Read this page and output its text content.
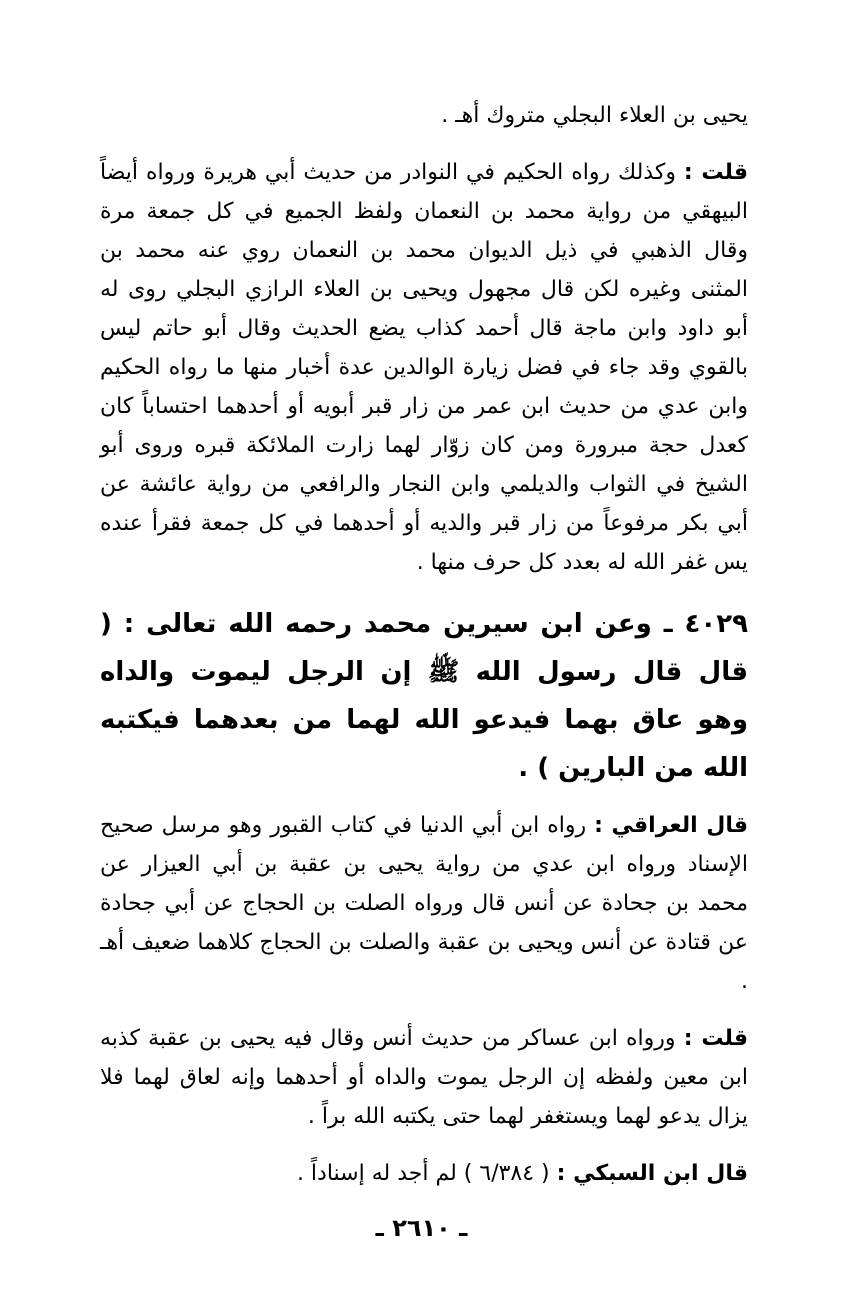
يحيى بن العلاء البجلي متروك أهـ .

قلت : وكذلك رواه الحكيم في النوادر من حديث أبي هريرة ورواه أيضاً البيهقي من رواية محمد بن النعمان ولفظ الجميع في كل جمعة مرة وقال الذهبي في ذيل الديوان محمد بن النعمان روي عنه محمد بن المثنى وغيره لكن قال مجهول ويحيى بن العلاء الرازي البجلي روى له أبو داود وابن ماجة قال أحمد كذاب يضع الحديث وقال أبو حاتم ليس بالقوي وقد جاء في فضل زيارة الوالدين عدة أخبار منها ما رواه الحكيم وابن عدي من حديث ابن عمر من زار قبر أبويه أو أحدهما احتساباً كان كعدل حجة مبرورة ومن كان زوّار لهما زارت الملائكة قبره وروى أبو الشيخ في الثواب والديلمي وابن النجار والرافعي من رواية عائشة عن أبي بكر مرفوعاً من زار قبر والديه أو أحدهما في كل جمعة فقرأ عنده يس غفر الله له بعدد كل حرف منها .

٤٠٢٩ ـ وعن ابن سيرين محمد رحمه الله تعالى : ( قال قال رسول الله ﷺ إن الرجل ليموت والداه وهو عاق بهما فيدعو الله لهما من بعدهما فيكتبه الله من البارين ) .

قال العراقي : رواه ابن أبي الدنيا في كتاب القبور وهو مرسل صحيح الإسناد ورواه ابن عدي من رواية يحيى بن عقبة بن أبي العيزار عن محمد بن جحادة عن أنس قال ورواه الصلت بن الحجاج عن أبي جحادة عن قتادة عن أنس ويحيى بن عقبة والصلت بن الحجاج كلاهما ضعيف أهـ .

قلت : ورواه ابن عساكر من حديث أنس وقال فيه يحيى بن عقبة كذبه ابن معين ولفظه إن الرجل يموت والداه أو أحدهما وإنه لعاق لهما فلا يزال يدعو لهما ويستغفر لهما حتى يكتبه الله براً .

قال ابن السبكي : ( ٦/٣٨٤ ) لم أجد له إسناداً .

ـ ٢٦١٠ ـ
